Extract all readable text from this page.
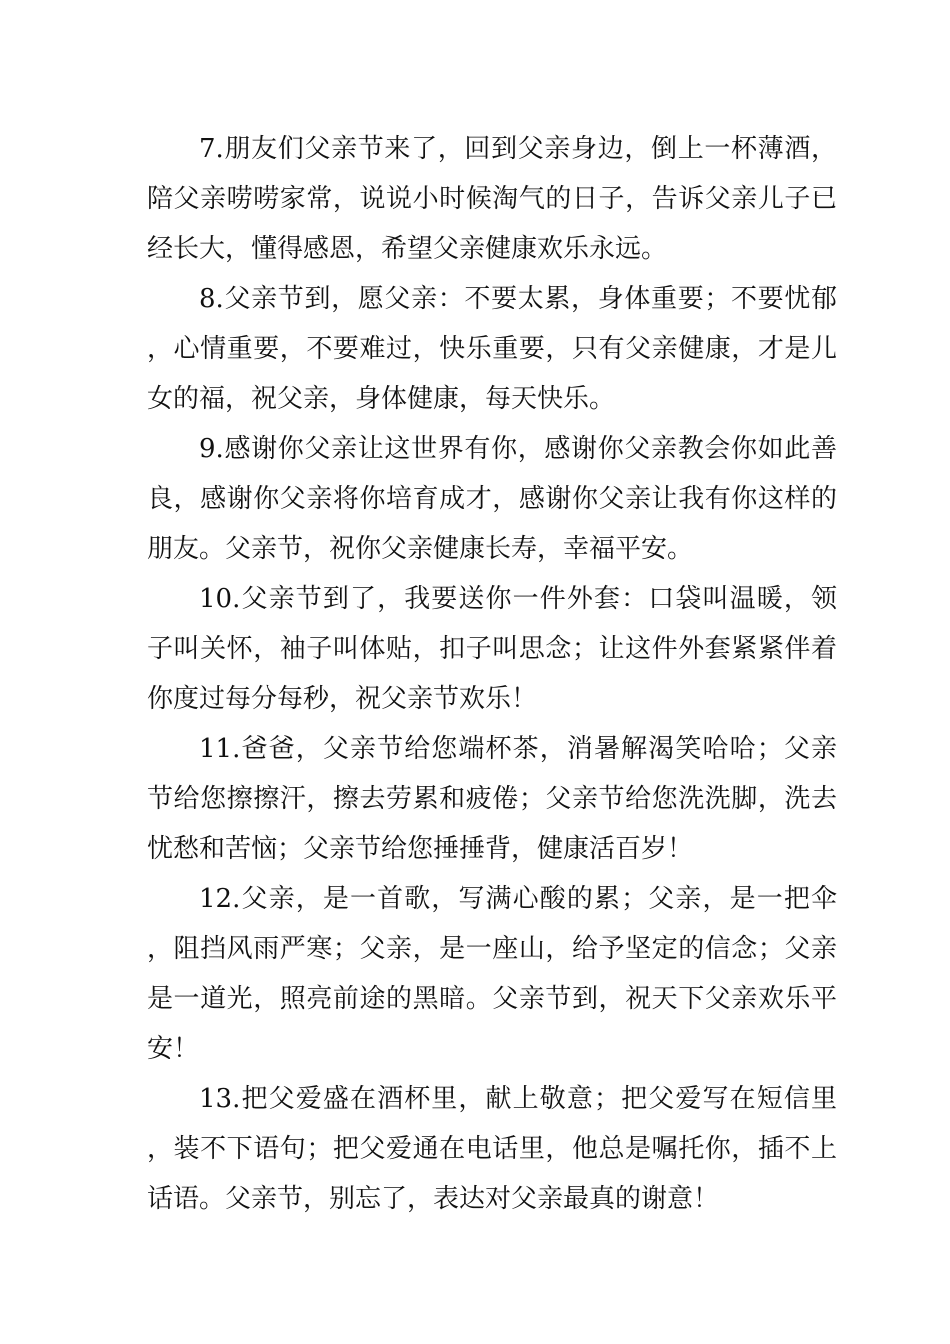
7.朋友们父亲节来了，回到父亲身边，倒上一杯薄酒，陪父亲唠唠家常，说说小时候淘气的日子，告诉父亲儿子已经长大，懂得感恩，希望父亲健康欢乐永远。

8.父亲节到，愿父亲：不要太累，身体重要；不要忧郁，心情重要，不要难过，快乐重要，只有父亲健康，才是儿女的福，祝父亲，身体健康，每天快乐。

9.感谢你父亲让这世界有你，感谢你父亲教会你如此善良，感谢你父亲将你培育成才，感谢你父亲让我有你这样的朋友。父亲节，祝你父亲健康长寿，幸福平安。

10.父亲节到了，我要送你一件外套：口袋叫温暖，领子叫关怀，袖子叫体贴，扣子叫思念；让这件外套紧紧伴着你度过每分每秒，祝父亲节欢乐！

11.爸爸，父亲节给您端杯茶，消暑解渴笑哈哈；父亲节给您擦擦汗，擦去劳累和疲倦；父亲节给您洗洗脚，洗去忧愁和苦恼；父亲节给您捶捶背，健康活百岁！

12.父亲，是一首歌，写满心酸的累；父亲，是一把伞，阻挡风雨严寒；父亲，是一座山，给予坚定的信念；父亲是一道光，照亮前途的黑暗。父亲节到，祝天下父亲欢乐平安！

13.把父爱盛在酒杯里，献上敬意；把父爱写在短信里，装不下语句；把父爱通在电话里，他总是嘱托你，插不上话语。父亲节，别忘了，表达对父亲最真的谢意！
